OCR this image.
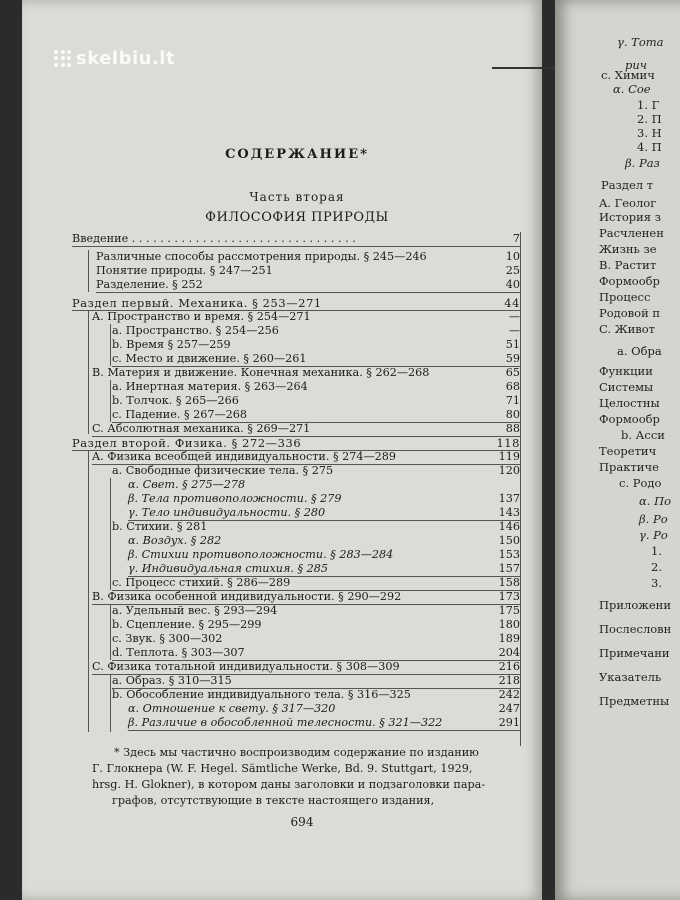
skelbiu.lt
СОДЕРЖАНИЕ*
Часть вторая
ФИЛОСОФИЯ ПРИРОДЫ
Введение . . . . . . . . . . . . . . . . . . . . . . . . . . . . . . . .	7
Различные способы рассмотрения природы. § 245—246	10
Понятие природы. § 247—251	25
Разделение. § 252	40
Раздел первый. Механика. § 253—271	44
A. Пространство и время. § 254—271	—
a. Пространство. § 254—256	—
b. Время § 257—259	51
c. Место и движение. § 260—261	59
B. Материя и движение. Конечная механика. § 262—268	65
a. Инертная материя. § 263—264	68
b. Толчок. § 265—266	71
c. Падение. § 267—268	80
C. Абсолютная механика. § 269—271	88
Раздел второй. Физика. § 272—336	118
A. Физика всеобщей индивидуальности. § 274—289	119
a. Свободные физические тела. § 275	120
α. Свет. § 275—278
β. Тела противоположности. § 279	137
γ. Тело индивидуальности. § 280	143
b. Стихии. § 281	146
α. Воздух. § 282	150
β. Стихии противоположности. § 283—284	153
γ. Индивидуальная стихия. § 285	157
c. Процесс стихий. § 286—289	158
B. Физика особенной индивидуальности. § 290—292	173
a. Удельный вес. § 293—294	175
b. Сцепление. § 295—299	180
c. Звук. § 300—302	189
d. Теплота. § 303—307	204
C. Физика тотальной индивидуальности. § 308—309	216
a. Образ. § 310—315	218
b. Обособление индивидуального тела. § 316—325	242
α. Отношение к свету. § 317—320	247
β. Различие в обособленной телесности. § 321—322	291

* Здесь мы частично воспроизводим содержание по изданию

Г. Глокнера (W. F. Hegel. Sämtliche Werke, Bd. 9. Stuttgart, 1929,
hrsg. H. Glokner), в котором даны заголовки и подзаголовки пара-
графов, отсутствующие в тексте настоящего издания,
694
γ. Тота
рич
c. Химич
α. Сое
1. Г
2. П
3. Н
4. П
β. Раз
Раздел т
A. Геолог
История з
Расчленен
Жизнь зе
B. Растит
Формообр
Процесс
Родовой п
C. Живот
a. Обра
Функции
Системы
Целостны
Формообр
b. Асси
Теоретич
Практиче
c. Родо
α. По
β. Ро
γ. Ро
1.
2.
3.
Приложени
Послесловн
Примечани
Указатель
Предметны
